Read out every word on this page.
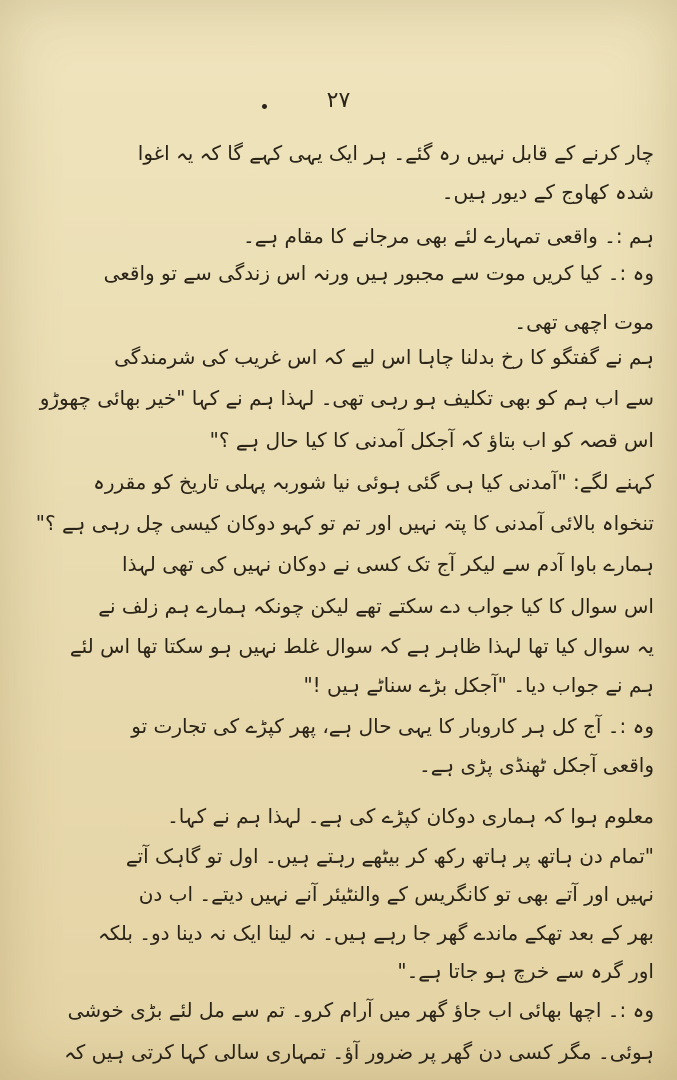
٢٧
چار کرنے کے قابل نہیں رہ گئے۔ ہر ایک یہی کہے گا کہ یہ اغوا
شدہ کھاوج کے دیور ہیں۔
ہم :۔ واقعی تمہارے لئے بھی مرجانے کا مقام ہے۔
وہ :۔ کیا کریں موت سے مجبور ہیں ورنہ اس زندگی سے تو واقعی
موت اچھی تھی۔
ہم نے گفتگو کا رخ بدلنا چاہا اس لیے کہ اس غریب کی شرمندگی
سے اب ہم کو بھی تکلیف ہو رہی تھی۔ لہذا ہم نے کہا "خیر بھائی چھوڑو
اس قصہ کو اب بتاؤ کہ آجکل آمدنی کا کیا حال ہے ؟"
کہنے لگے: "آمدنی کیا ہی گئی ہوئی نیا شوربہ پہلی تاریخ کو مقررہ
تنخواہ بالائی آمدنی کا پتہ نہیں اور تم تو کہو دوکان کیسی چل رہی ہے ؟"
ہمارے باوا آدم سے لیکر آج تک کسی نے دوکان نہیں کی تھی لہذا
اس سوال کا کیا جواب دے سکتے تھے لیکن چونکہ ہمارے ہم زلف نے
یہ سوال کیا تھا لہذا ظاہر ہے کہ سوال غلط نہیں ہو سکتا تھا اس لئے
ہم نے جواب دیا۔ "آجکل بڑے سناٹے ہیں !"
وہ :۔ آج کل ہر کاروبار کا یہی حال ہے، پھر کپڑے کی تجارت تو
واقعی آجکل ٹھنڈی پڑی ہے۔
معلوم ہوا کہ ہماری دوکان کپڑے کی ہے۔ لہذا ہم نے کہا۔
"تمام دن ہاتھ پر ہاتھ رکھ کر بیٹھے رہتے ہیں۔ اول تو گاہک آتے
نہیں اور آتے بھی تو کانگریس کے والنٹیئر آنے نہیں دیتے۔ اب دن
بھر کے بعد تھکے ماندے گھر جا رہے ہیں۔ نہ لینا ایک نہ دینا دو۔ بلکہ
اور گرہ سے خرچ ہو جاتا ہے۔"
وہ :۔ اچھا بھائی اب جاؤ گھر میں آرام کرو۔ تم سے مل لئے بڑی خوشی
ہوئی۔ مگر کسی دن گھر پر ضرور آؤ۔ تمہاری سالی کہا کرتی ہیں کہ
